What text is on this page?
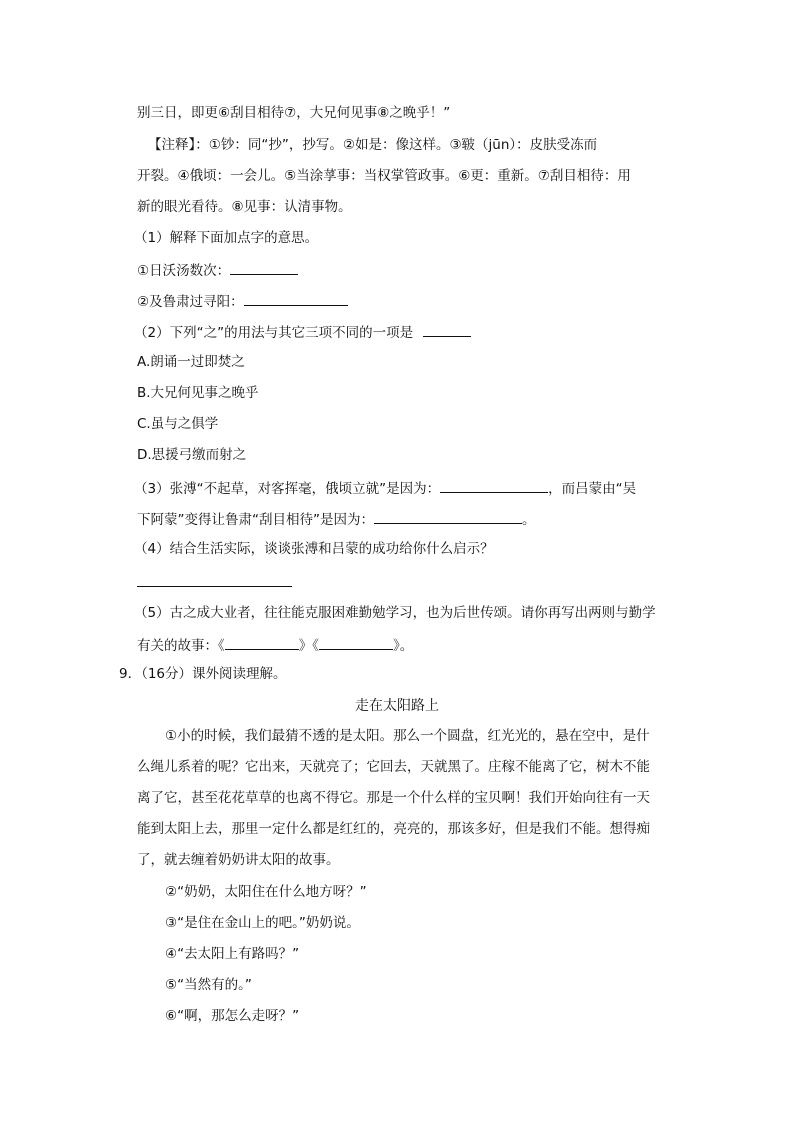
别三日，即更⑥刮目相待⑦，大兄何见事⑧之晚乎！”
【注释】：①钞：同“抄”，抄写。②如是：像这样。③皲（jūn）：皮肤受冻而
开裂。④俄顷：一会儿。⑤当涂莩事：当权掌管政事。⑥更：重新。⑦刮目相待：用
新的眼光看待。⑧见事：认清事物。
（1）解释下面加点字的意思。
①日沃汤数次：
②及鲁肃过寻阳：
（2）下列“之”的用法与其它三项不同的一项是
A.朗诵一过即焚之
B.大兄何见事之晚乎
C.虽与之俱学
D.思援弓缴而射之
（3）张溥“不起草，对客挥毫，俄顷立就”是因为：	，而吕蒙由“吴
下阿蒙”变得让鲁肃“刮目相待”是因为：	。
（4）结合生活实际，谈谈张溥和吕蒙的成功给你什么启示？
（5）古之成大业者，往往能克服困难勤勉学习，也为后世传颂。请你再写出两则与勤学
有关的故事：《	》《	》。
9．（16分）课外阅读理解。
走在太阳路上
①小的时候，我们最猜不透的是太阳。那么一个圆盘，红光光的，悬在空中，是什
么绳儿系着的呢？它出来，天就亮了；它回去，天就黑了。庄稼不能离了它，树木不能
离了它，甚至花花草草的也离不得它。那是一个什么样的宝贝啊！我们开始向往有一天
能到太阳上去，那里一定什么都是红红的，亮亮的，那该多好，但是我们不能。想得痴
了，就去缠着奶奶讲太阳的故事。
②“奶奶，太阳住在什么地方呀？”
③“是住在金山上的吧。”奶奶说。
④“去太阳上有路吗？”
⑤“当然有的。”
⑥“啊，那怎么走呀？”
